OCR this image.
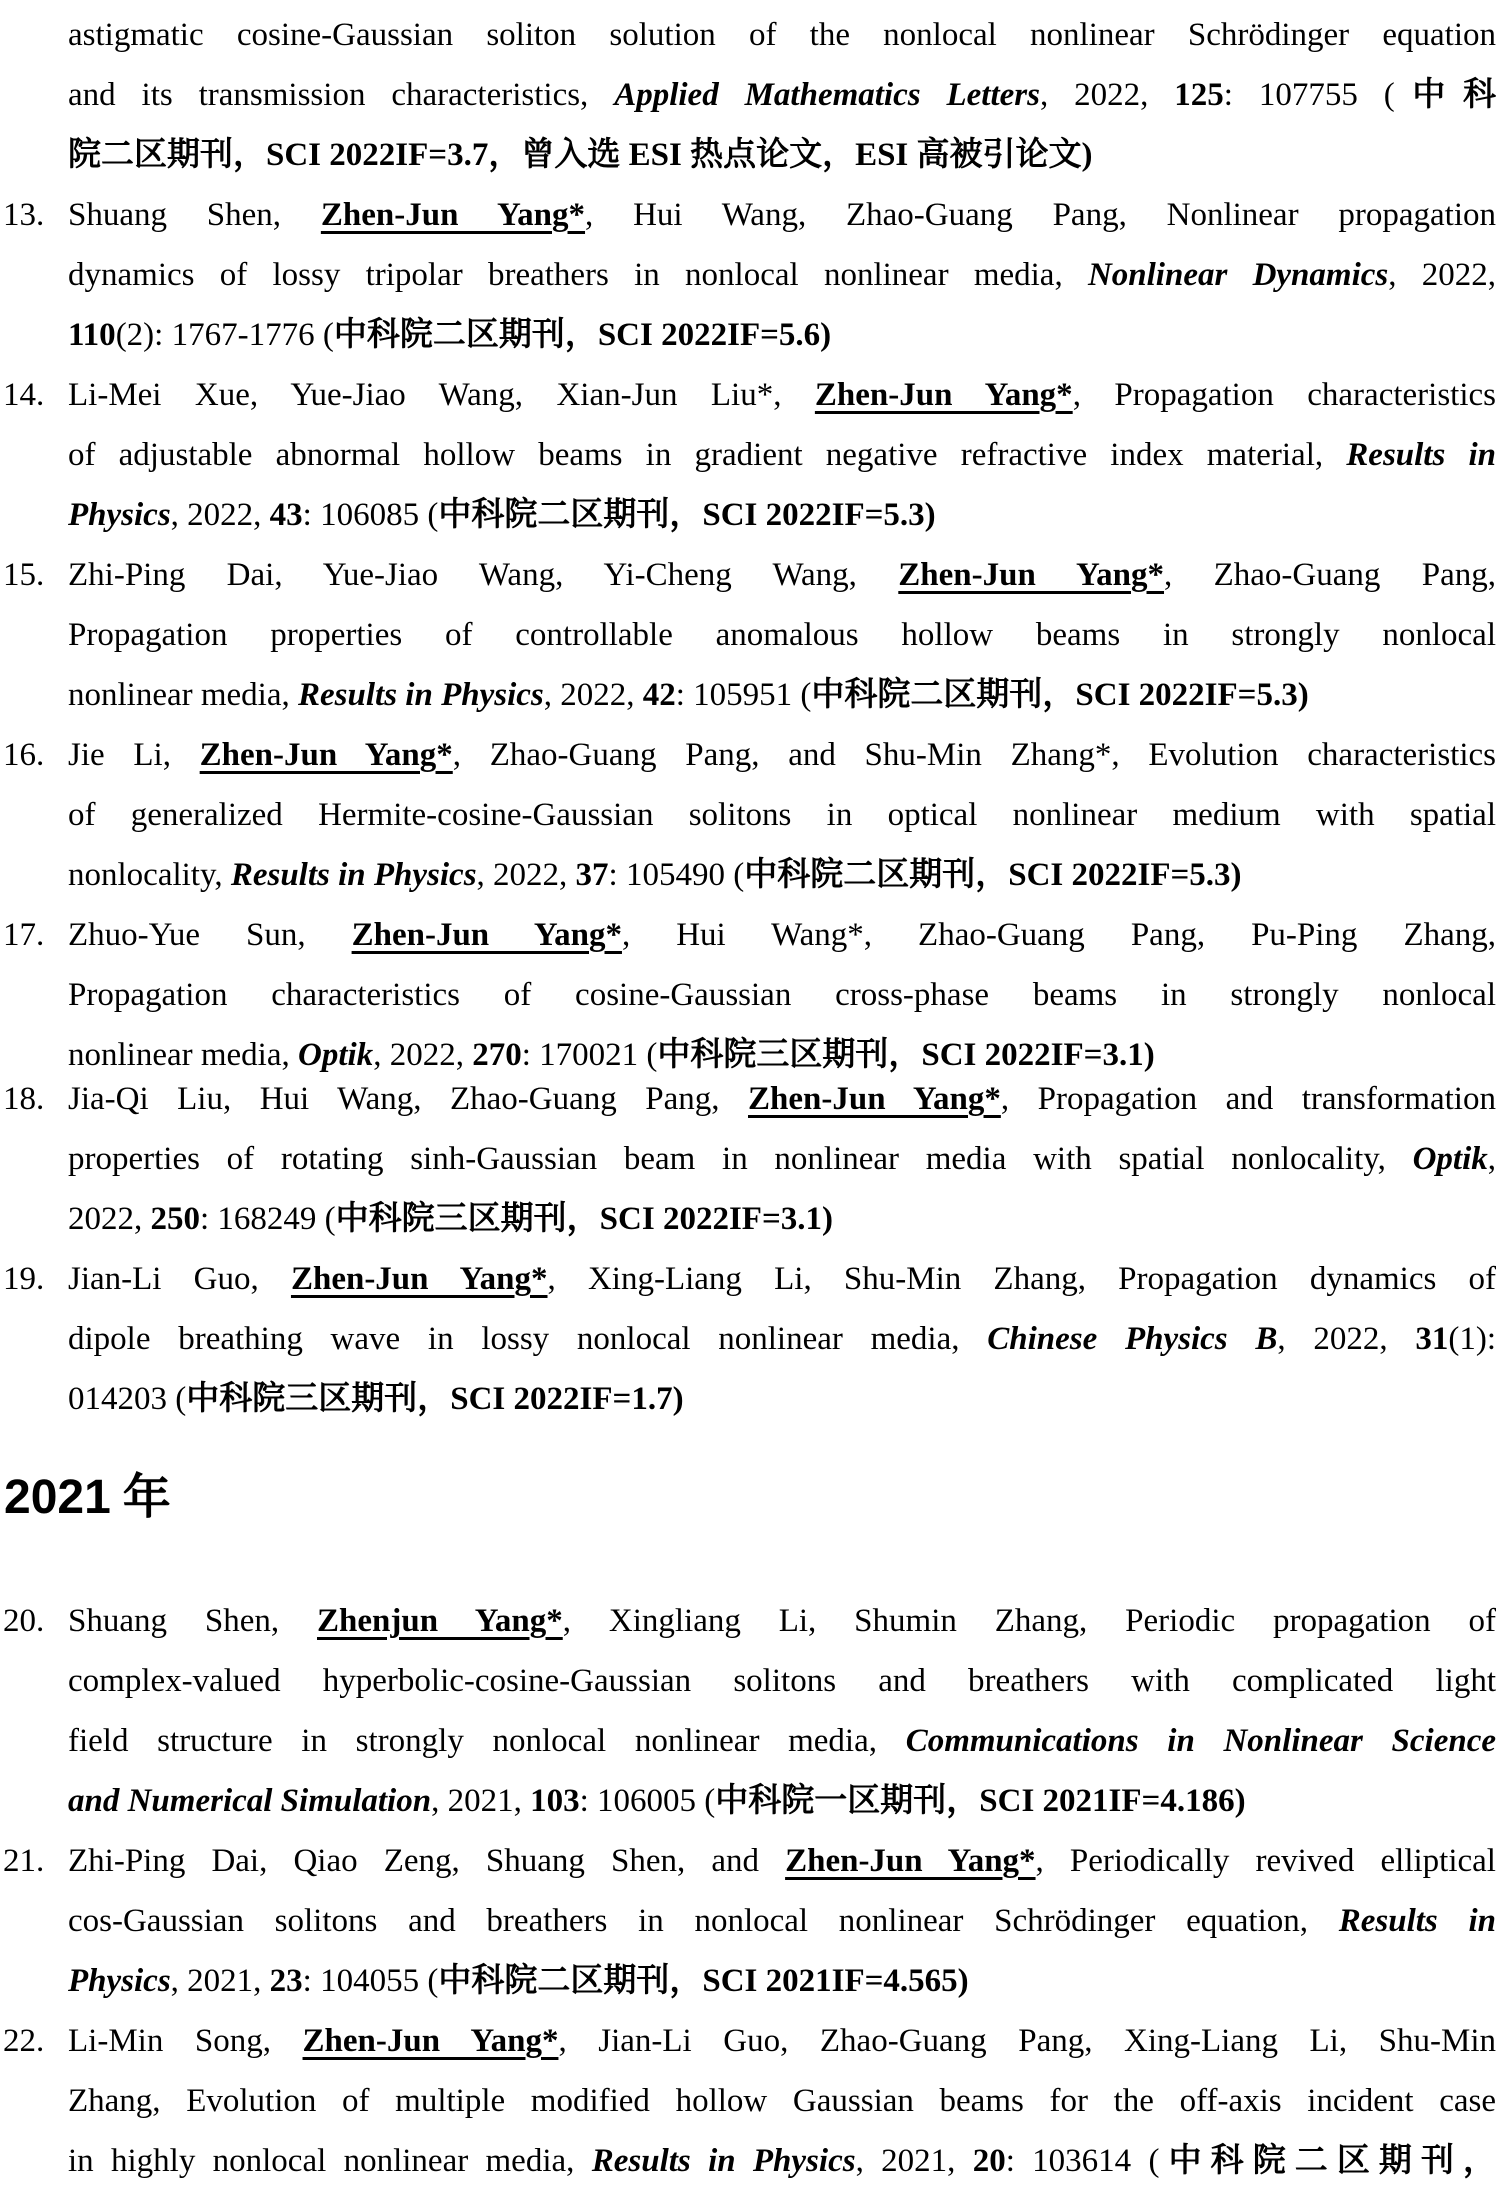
astigmatic cosine-Gaussian soliton solution of the nonlocal nonlinear Schrödinger equation
and its transmission characteristics, Applied Mathematics Letters, 2022, 125: 107755 (中科
院二区期刊，SCI 2022IF=3.7，曾入选 ESI 热点论文，ESI 高被引论文)
13. Shuang Shen, Zhen-Jun Yang*, Hui Wang, Zhao-Guang Pang, Nonlinear propagation
dynamics of lossy tripolar breathers in nonlocal nonlinear media, Nonlinear Dynamics, 2022,
110(2): 1767-1776 (中科院二区期刊，SCI 2022IF=5.6)
14. Li-Mei Xue, Yue-Jiao Wang, Xian-Jun Liu*, Zhen-Jun Yang*, Propagation characteristics
of adjustable abnormal hollow beams in gradient negative refractive index material, Results in
Physics, 2022, 43: 106085 (中科院二区期刊，SCI 2022IF=5.3)
15. Zhi-Ping Dai, Yue-Jiao Wang, Yi-Cheng Wang, Zhen-Jun Yang*, Zhao-Guang Pang,
Propagation properties of controllable anomalous hollow beams in strongly nonlocal
nonlinear media, Results in Physics, 2022, 42: 105951 (中科院二区期刊，SCI 2022IF=5.3)
16. Jie Li, Zhen-Jun Yang*, Zhao-Guang Pang, and Shu-Min Zhang*, Evolution characteristics
of generalized Hermite-cosine-Gaussian solitons in optical nonlinear medium with spatial
nonlocality, Results in Physics, 2022, 37: 105490 (中科院二区期刊，SCI 2022IF=5.3)
17. Zhuo-Yue Sun, Zhen-Jun Yang*, Hui Wang*, Zhao-Guang Pang, Pu-Ping Zhang,
Propagation characteristics of cosine-Gaussian cross-phase beams in strongly nonlocal
nonlinear media, Optik, 2022, 270: 170021 (中科院三区期刊，SCI 2022IF=3.1)
18. Jia-Qi Liu, Hui Wang, Zhao-Guang Pang, Zhen-Jun Yang*, Propagation and transformation
properties of rotating sinh-Gaussian beam in nonlinear media with spatial nonlocality, Optik,
2022, 250: 168249 (中科院三区期刊，SCI 2022IF=3.1)
19. Jian-Li Guo, Zhen-Jun Yang*, Xing-Liang Li, Shu-Min Zhang, Propagation dynamics of
dipole breathing wave in lossy nonlocal nonlinear media, Chinese Physics B, 2022, 31(1):
014203 (中科院三区期刊，SCI 2022IF=1.7)
2021 年
20. Shuang Shen, Zhenjun Yang*, Xingliang Li, Shumin Zhang, Periodic propagation of
complex-valued hyperbolic-cosine-Gaussian solitons and breathers with complicated light
field structure in strongly nonlocal nonlinear media, Communications in Nonlinear Science
and Numerical Simulation, 2021, 103: 106005 (中科院一区期刊，SCI 2021IF=4.186)
21. Zhi-Ping Dai, Qiao Zeng, Shuang Shen, and Zhen-Jun Yang*, Periodically revived elliptical
cos-Gaussian solitons and breathers in nonlocal nonlinear Schrödinger equation, Results in
Physics, 2021, 23: 104055 (中科院二区期刊，SCI 2021IF=4.565)
22. Li-Min Song, Zhen-Jun Yang*, Jian-Li Guo, Zhao-Guang Pang, Xing-Liang Li, Shu-Min
Zhang, Evolution of multiple modified hollow Gaussian beams for the off-axis incident case
in highly nonlocal nonlinear media, Results in Physics, 2021, 20: 103614 (中科院二区期刊，
